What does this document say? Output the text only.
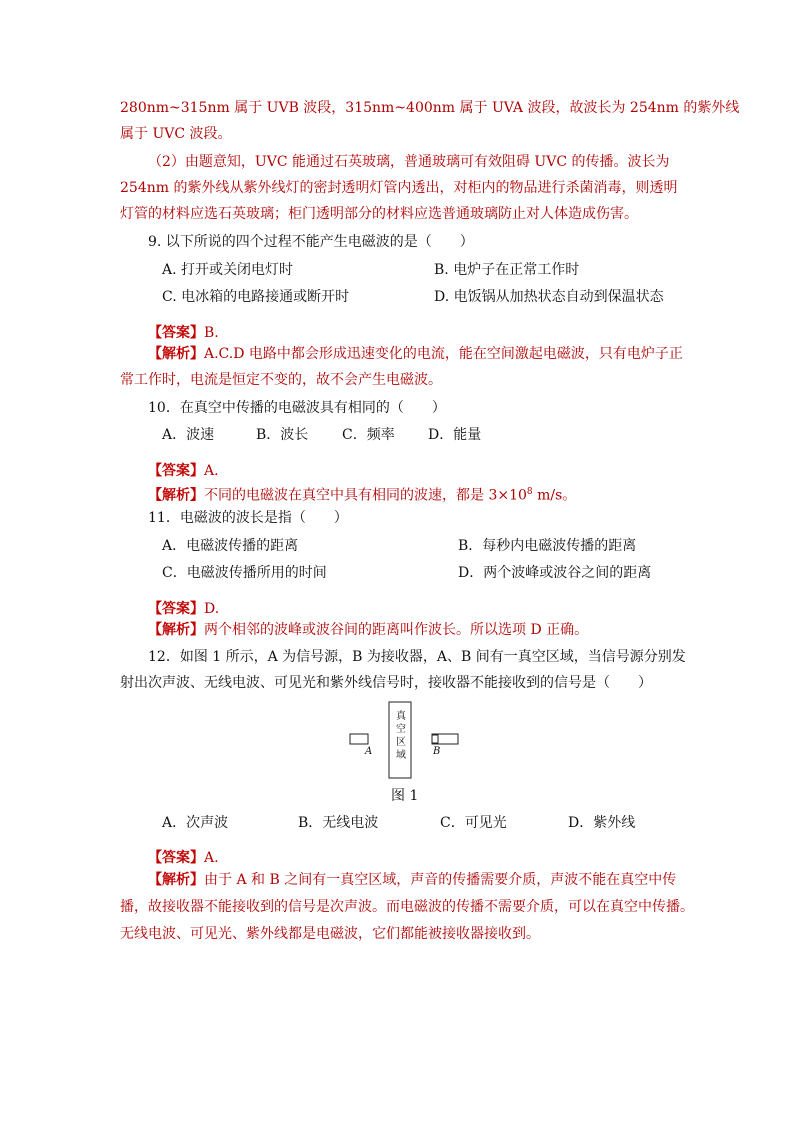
280nm~315nm 属于 UVB 波段，315nm~400nm 属于 UVA 波段，故波长为 254nm 的紫外线
属于 UVC 波段。
（2）由题意知，UVC 能通过石英玻璃，普通玻璃可有效阻碍 UVC 的传播。波长为
254nm 的紫外线从紫外线灯的密封透明灯管内透出，对柜内的物品进行杀菌消毒，则透明
灯管的材料应选石英玻璃；柜门透明部分的材料应选普通玻璃防止对人体造成伤害。
9. 以下所说的四个过程不能产生电磁波的是（　　）
A. 打开或关闭电灯时	B. 电炉子在正常工作时
C. 电冰箱的电路接通或断开时	D. 电饭锅从加热状态自动到保温状态
【答案】B.
【解析】A.C.D 电路中都会形成迅速变化的电流，能在空间激起电磁波，只有电炉子正
常工作时，电流是恒定不变的，故不会产生电磁波。
10．在真空中传播的电磁波具有相同的（　　）
A．波速	B．波长 C．频率 D．能量
【答案】A.
【解析】不同的电磁波在真空中具有相同的波速，都是 $3\times 10^8$ m/s。
11．电磁波的波长是指（　　）
A．电磁波传播的距离	B．每秒内电磁波传播的距离
C．电磁波传播所用的时间	D．两个波峰或波谷之间的距离
【答案】D.
【解析】两个相邻的波峰或波谷间的距离叫作波长。所以选项 D 正确。
12．如图 1 所示，A 为信号源，B 为接收器，A、B 间有一真空区域，当信号源分别发
射出次声波、无线电波、可见光和紫外线信号时，接收器不能接收到的信号是（　　）
真空区域
A	B
图 1
A．次声波	B．无线电波	C．可见光	D．紫外线
【答案】A.
【解析】由于 A 和 B 之间有一真空区域，声音的传播需要介质，声波不能在真空中传
播，故接收器不能接收到的信号是次声波。而电磁波的传播不需要介质，可以在真空中传播。
无线电波、可见光、紫外线都是电磁波，它们都能被接收器接收到。
